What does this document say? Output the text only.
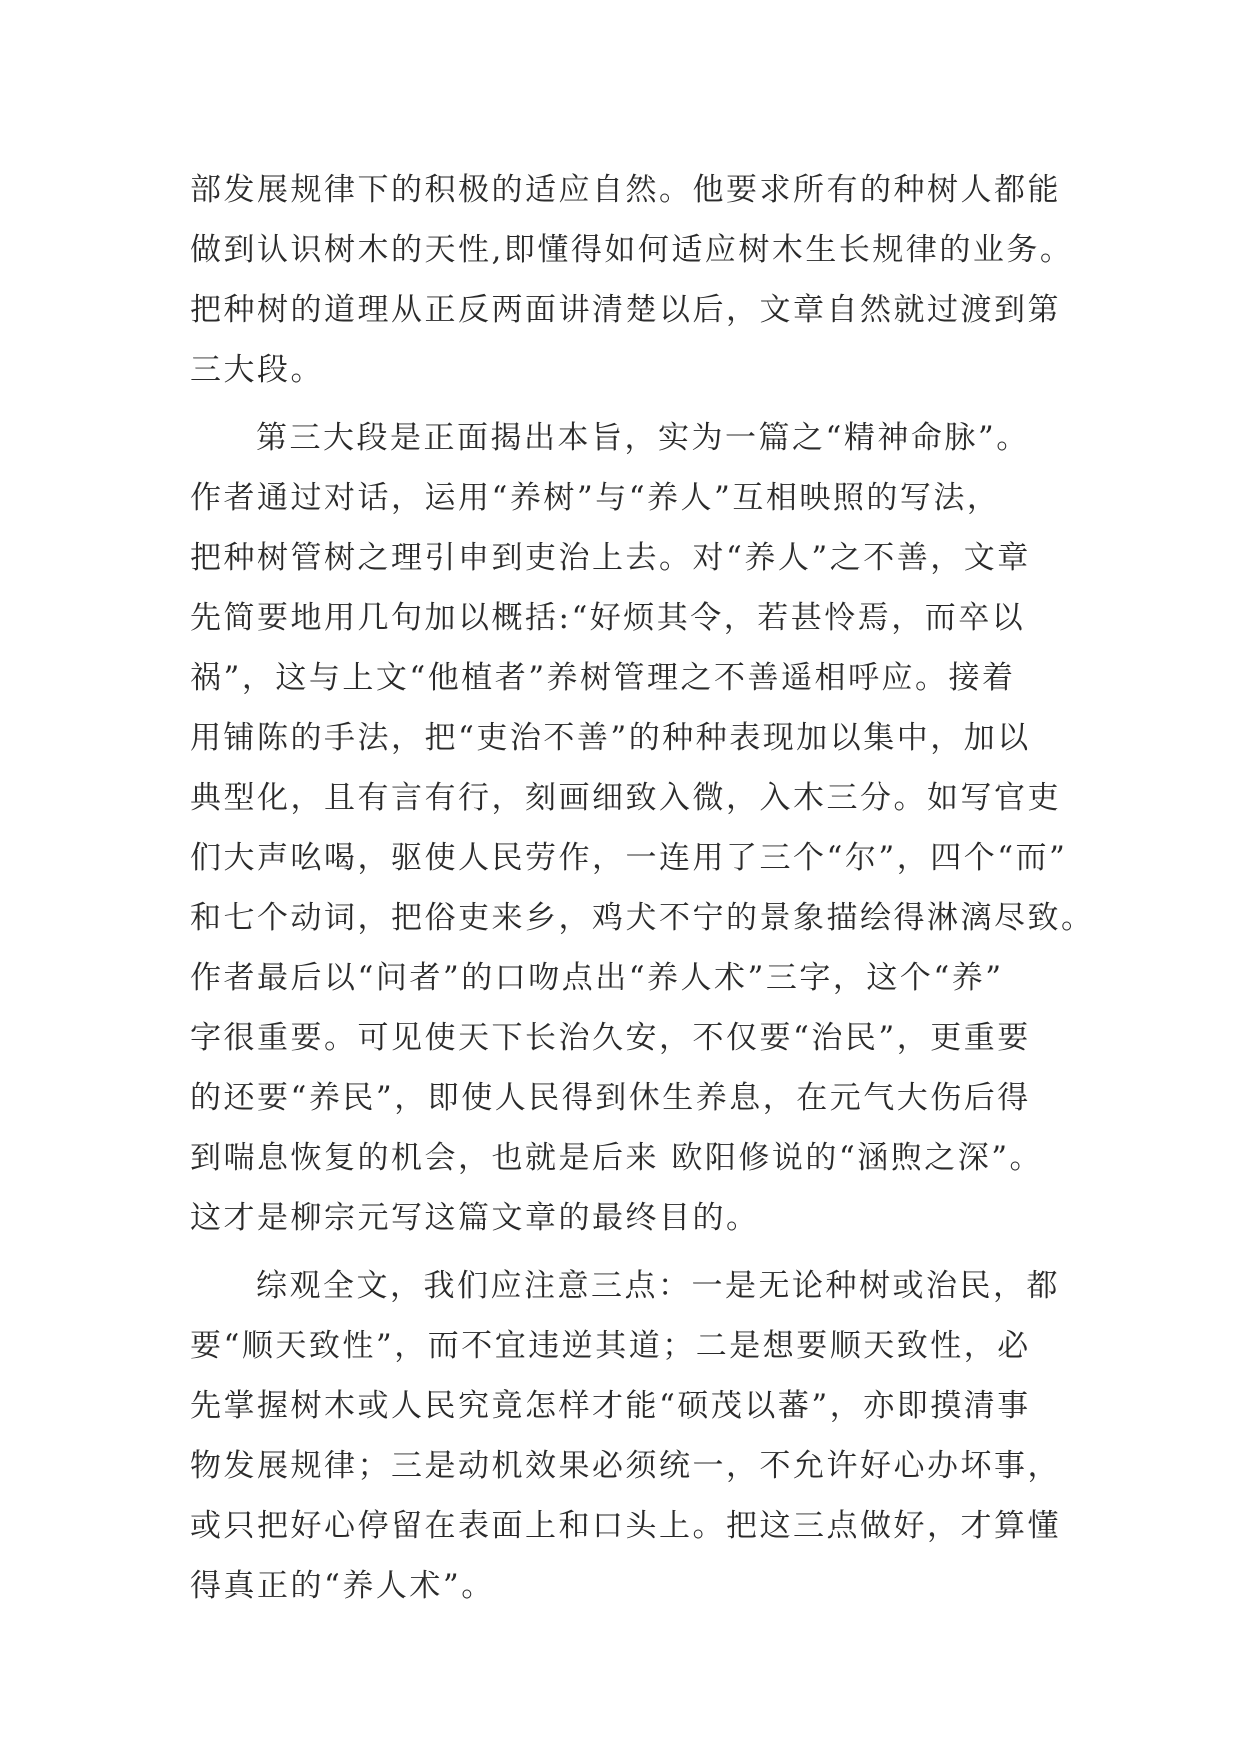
部发展规律下的积极的适应自然。他要求所有的种树人都能
做到认识树木的天性,即懂得如何适应树木生长规律的业务。
把种树的道理从正反两面讲清楚以后，文章自然就过渡到第
三大段。
第三大段是正面揭出本旨，实为一篇之“精神命脉”。
作者通过对话，运用“养树”与“养人”互相映照的写法，
把种树管树之理引申到吏治上去。对“养人”之不善，文章
先简要地用几句加以概括:“好烦其令，若甚怜焉，而卒以
祸”，这与上文“他植者”养树管理之不善遥相呼应。接着
用铺陈的手法，把“吏治不善”的种种表现加以集中，加以
典型化，且有言有行，刻画细致入微，入木三分。如写官吏
们大声吆喝，驱使人民劳作，一连用了三个“尔”，四个“而”
和七个动词，把俗吏来乡，鸡犬不宁的景象描绘得淋漓尽致。
作者最后以“问者”的口吻点出“养人术”三字，这个“养”
字很重要。可见使天下长治久安，不仅要“治民”，更重要
的还要“养民”，即使人民得到休生养息，在元气大伤后得
到喘息恢复的机会，也就是后来 欧阳修说的“涵煦之深”。
这才是柳宗元写这篇文章的最终目的。
综观全文，我们应注意三点：一是无论种树或治民，都
要“顺天致性”，而不宜违逆其道；二是想要顺天致性，必
先掌握树木或人民究竟怎样才能“硕茂以蕃”，亦即摸清事
物发展规律；三是动机效果必须统一，不允许好心办坏事，
或只把好心停留在表面上和口头上。把这三点做好，才算懂
得真正的“养人术”。
